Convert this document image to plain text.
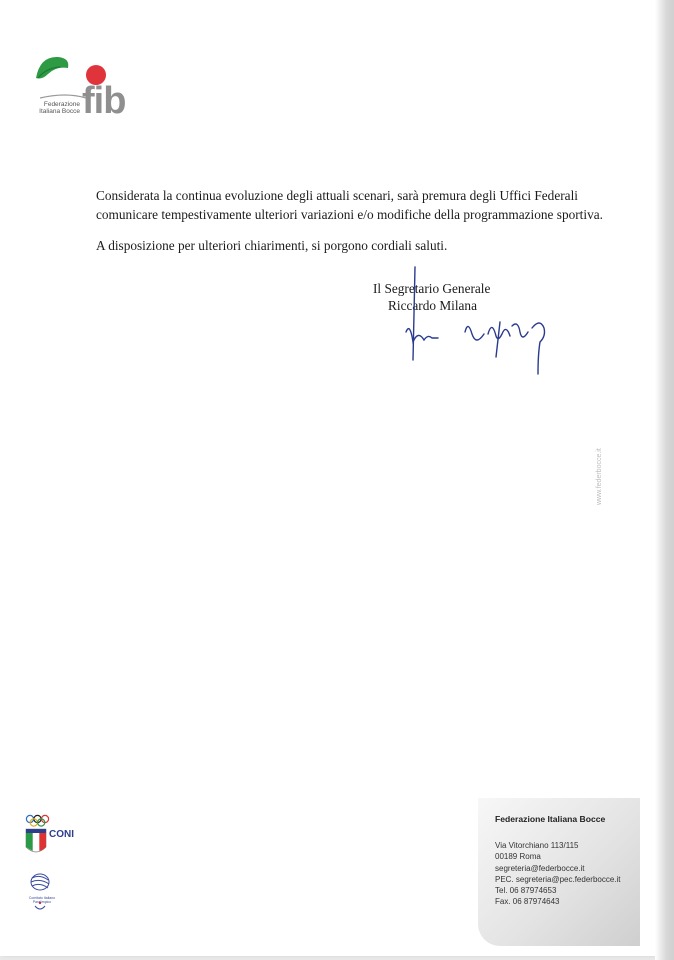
Federazione
Italiana Bocce fib
Considerata la continua evoluzione degli attuali scenari, sarà premura degli Uffici Federali
comunicare tempestivamente ulteriori variazioni e/o modifiche della programmazione sportiva.
A disposizione per ulteriori chiarimenti, si porgono cordiali saluti.
Il Segretario Generale
Riccardo Milana
www.federbocce.it
CONI
Comitato Italiano Paralimpico
Federazione Italiana Bocce
Via Vitorchiano 113/115
00189 Roma
segreteria@federbocce.it
PEC. segreteria@pec.federbocce.it
Tel. 06 87974653
Fax. 06 87974643
